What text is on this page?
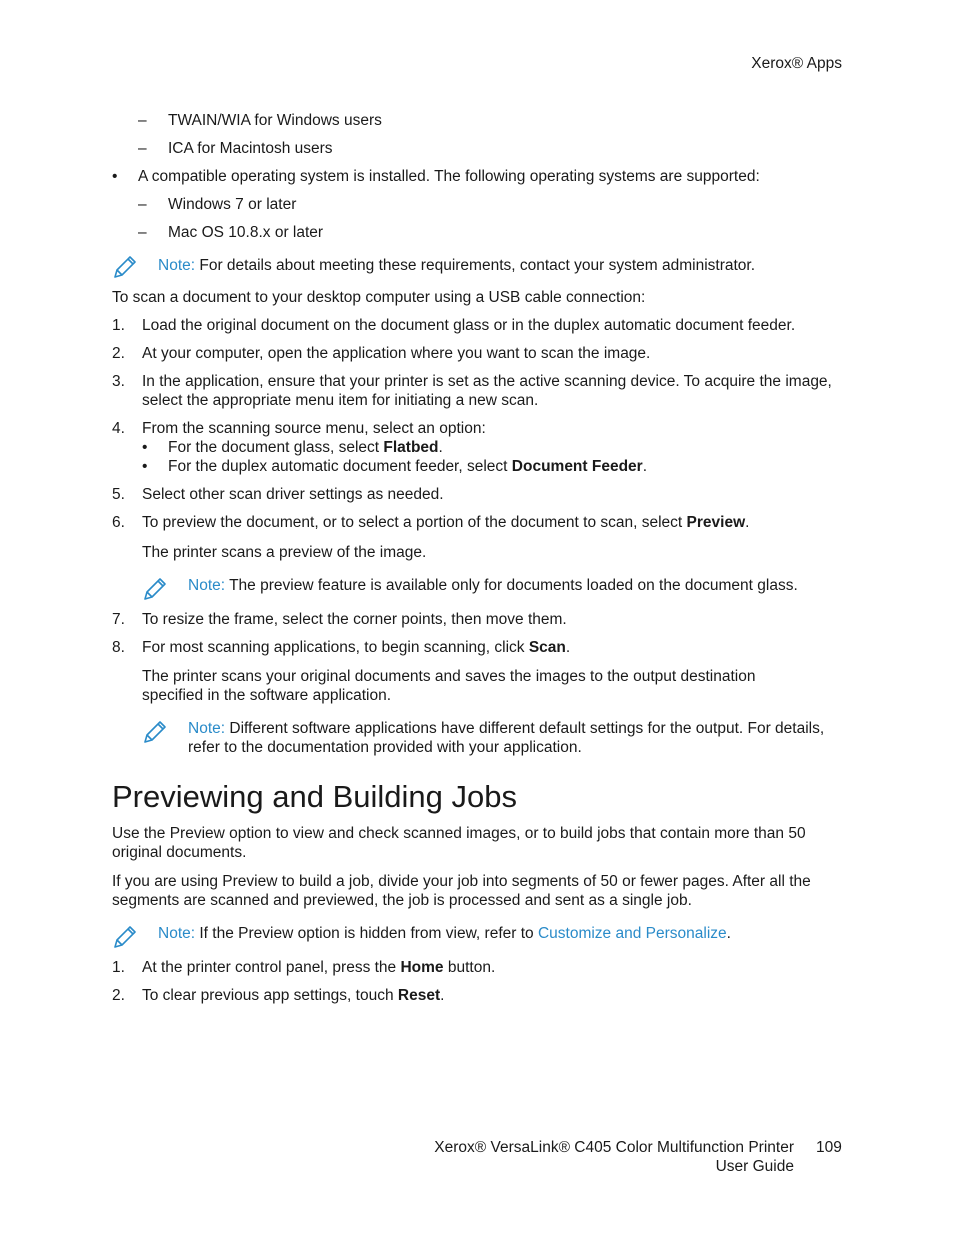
Xerox® Apps
– TWAIN/WIA for Windows users
– ICA for Macintosh users
• A compatible operating system is installed. The following operating systems are supported:
– Windows 7 or later
– Mac OS 10.8.x or later
Note: For details about meeting these requirements, contact your system administrator.
To scan a document to your desktop computer using a USB cable connection:
1. Load the original document on the document glass or in the duplex automatic document feeder.
2. At your computer, open the application where you want to scan the image.
3. In the application, ensure that your printer is set as the active scanning device. To acquire the image, select the appropriate menu item for initiating a new scan.
4. From the scanning source menu, select an option:
• For the document glass, select Flatbed.
• For the duplex automatic document feeder, select Document Feeder.
5. Select other scan driver settings as needed.
6. To preview the document, or to select a portion of the document to scan, select Preview.
The printer scans a preview of the image.
Note: The preview feature is available only for documents loaded on the document glass.
7. To resize the frame, select the corner points, then move them.
8. For most scanning applications, to begin scanning, click Scan.
The printer scans your original documents and saves the images to the output destination specified in the software application.
Note: Different software applications have different default settings for the output. For details, refer to the documentation provided with your application.
Previewing and Building Jobs
Use the Preview option to view and check scanned images, or to build jobs that contain more than 50 original documents.
If you are using Preview to build a job, divide your job into segments of 50 or fewer pages. After all the segments are scanned and previewed, the job is processed and sent as a single job.
Note: If the Preview option is hidden from view, refer to Customize and Personalize.
1. At the printer control panel, press the Home button.
2. To clear previous app settings, touch Reset.
Xerox® VersaLink® C405 Color Multifunction Printer
User Guide
109
